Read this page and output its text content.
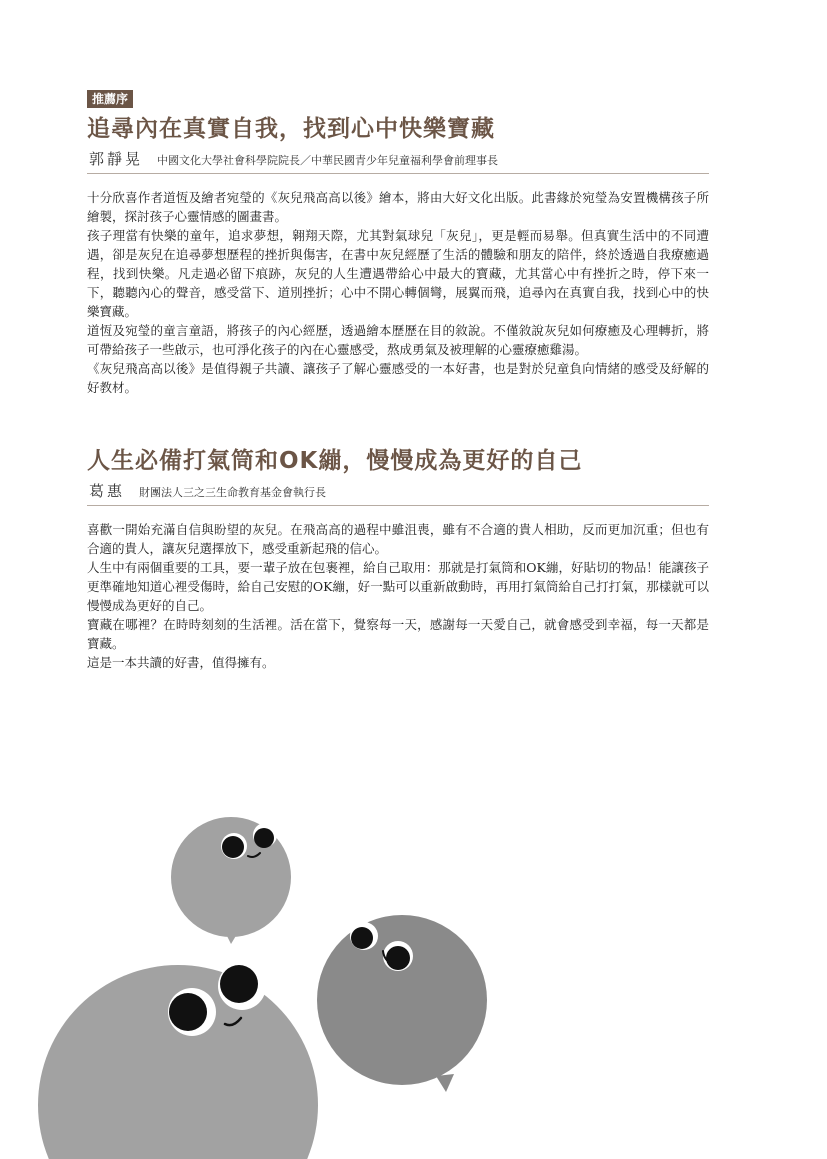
推薦序
追尋內在真實自我，找到心中快樂寶藏
郭靜晃 中國文化大學社會科學院院長／中華民國青少年兒童福利學會前理事長

十分欣喜作者道恆及繪者宛瑩的《灰兒飛高高以後》繪本，將由大好文化出版。此書緣於宛瑩為安置機構孩子所繪製，探討孩子心靈情感的圖畫書。

孩子理當有快樂的童年，追求夢想，翱翔天際，尤其對氣球兒「灰兒」，更是輕而易舉。但真實生活中的不同遭遇，卻是灰兒在追尋夢想歷程的挫折與傷害，在書中灰兒經歷了生活的體驗和朋友的陪伴，終於透過自我療癒過程，找到快樂。凡走過必留下痕跡，灰兒的人生遭遇帶給心中最大的寶藏，尤其當心中有挫折之時，停下來一下，聽聽內心的聲音，感受當下、道別挫折；心中不開心轉個彎，展翼而飛，追尋內在真實自我，找到心中的快樂寶藏。

道恆及宛瑩的童言童語，將孩子的內心經歷，透過繪本歷歷在目的敘說。不僅敘說灰兒如何療癒及心理轉折，將可帶給孩子一些啟示，也可淨化孩子的內在心靈感受，熬成勇氣及被理解的心靈療癒雞湯。

《灰兒飛高高以後》是值得親子共讀、讓孩子了解心靈感受的一本好書，也是對於兒童負向情緒的感受及紓解的好教材。

人生必備打氣筒和OK繃，慢慢成為更好的自己
葛惠 財團法人三之三生命教育基金會執行長

喜歡一開始充滿自信與盼望的灰兒。在飛高高的過程中雖沮喪，雖有不合適的貴人相助，反而更加沉重；但也有合適的貴人，讓灰兒選擇放下，感受重新起飛的信心。

人生中有兩個重要的工具，要一輩子放在包裹裡，給自己取用：那就是打氣筒和OK繃，好貼切的物品！能讓孩子更準確地知道心裡受傷時，給自己安慰的OK繃，好一點可以重新啟動時，再用打氣筒給自己打打氣，那樣就可以慢慢成為更好的自己。

寶藏在哪裡？在時時刻刻的生活裡。活在當下，覺察每一天，感謝每一天愛自己，就會感受到幸福，每一天都是寶藏。

這是一本共讀的好書，值得擁有。
